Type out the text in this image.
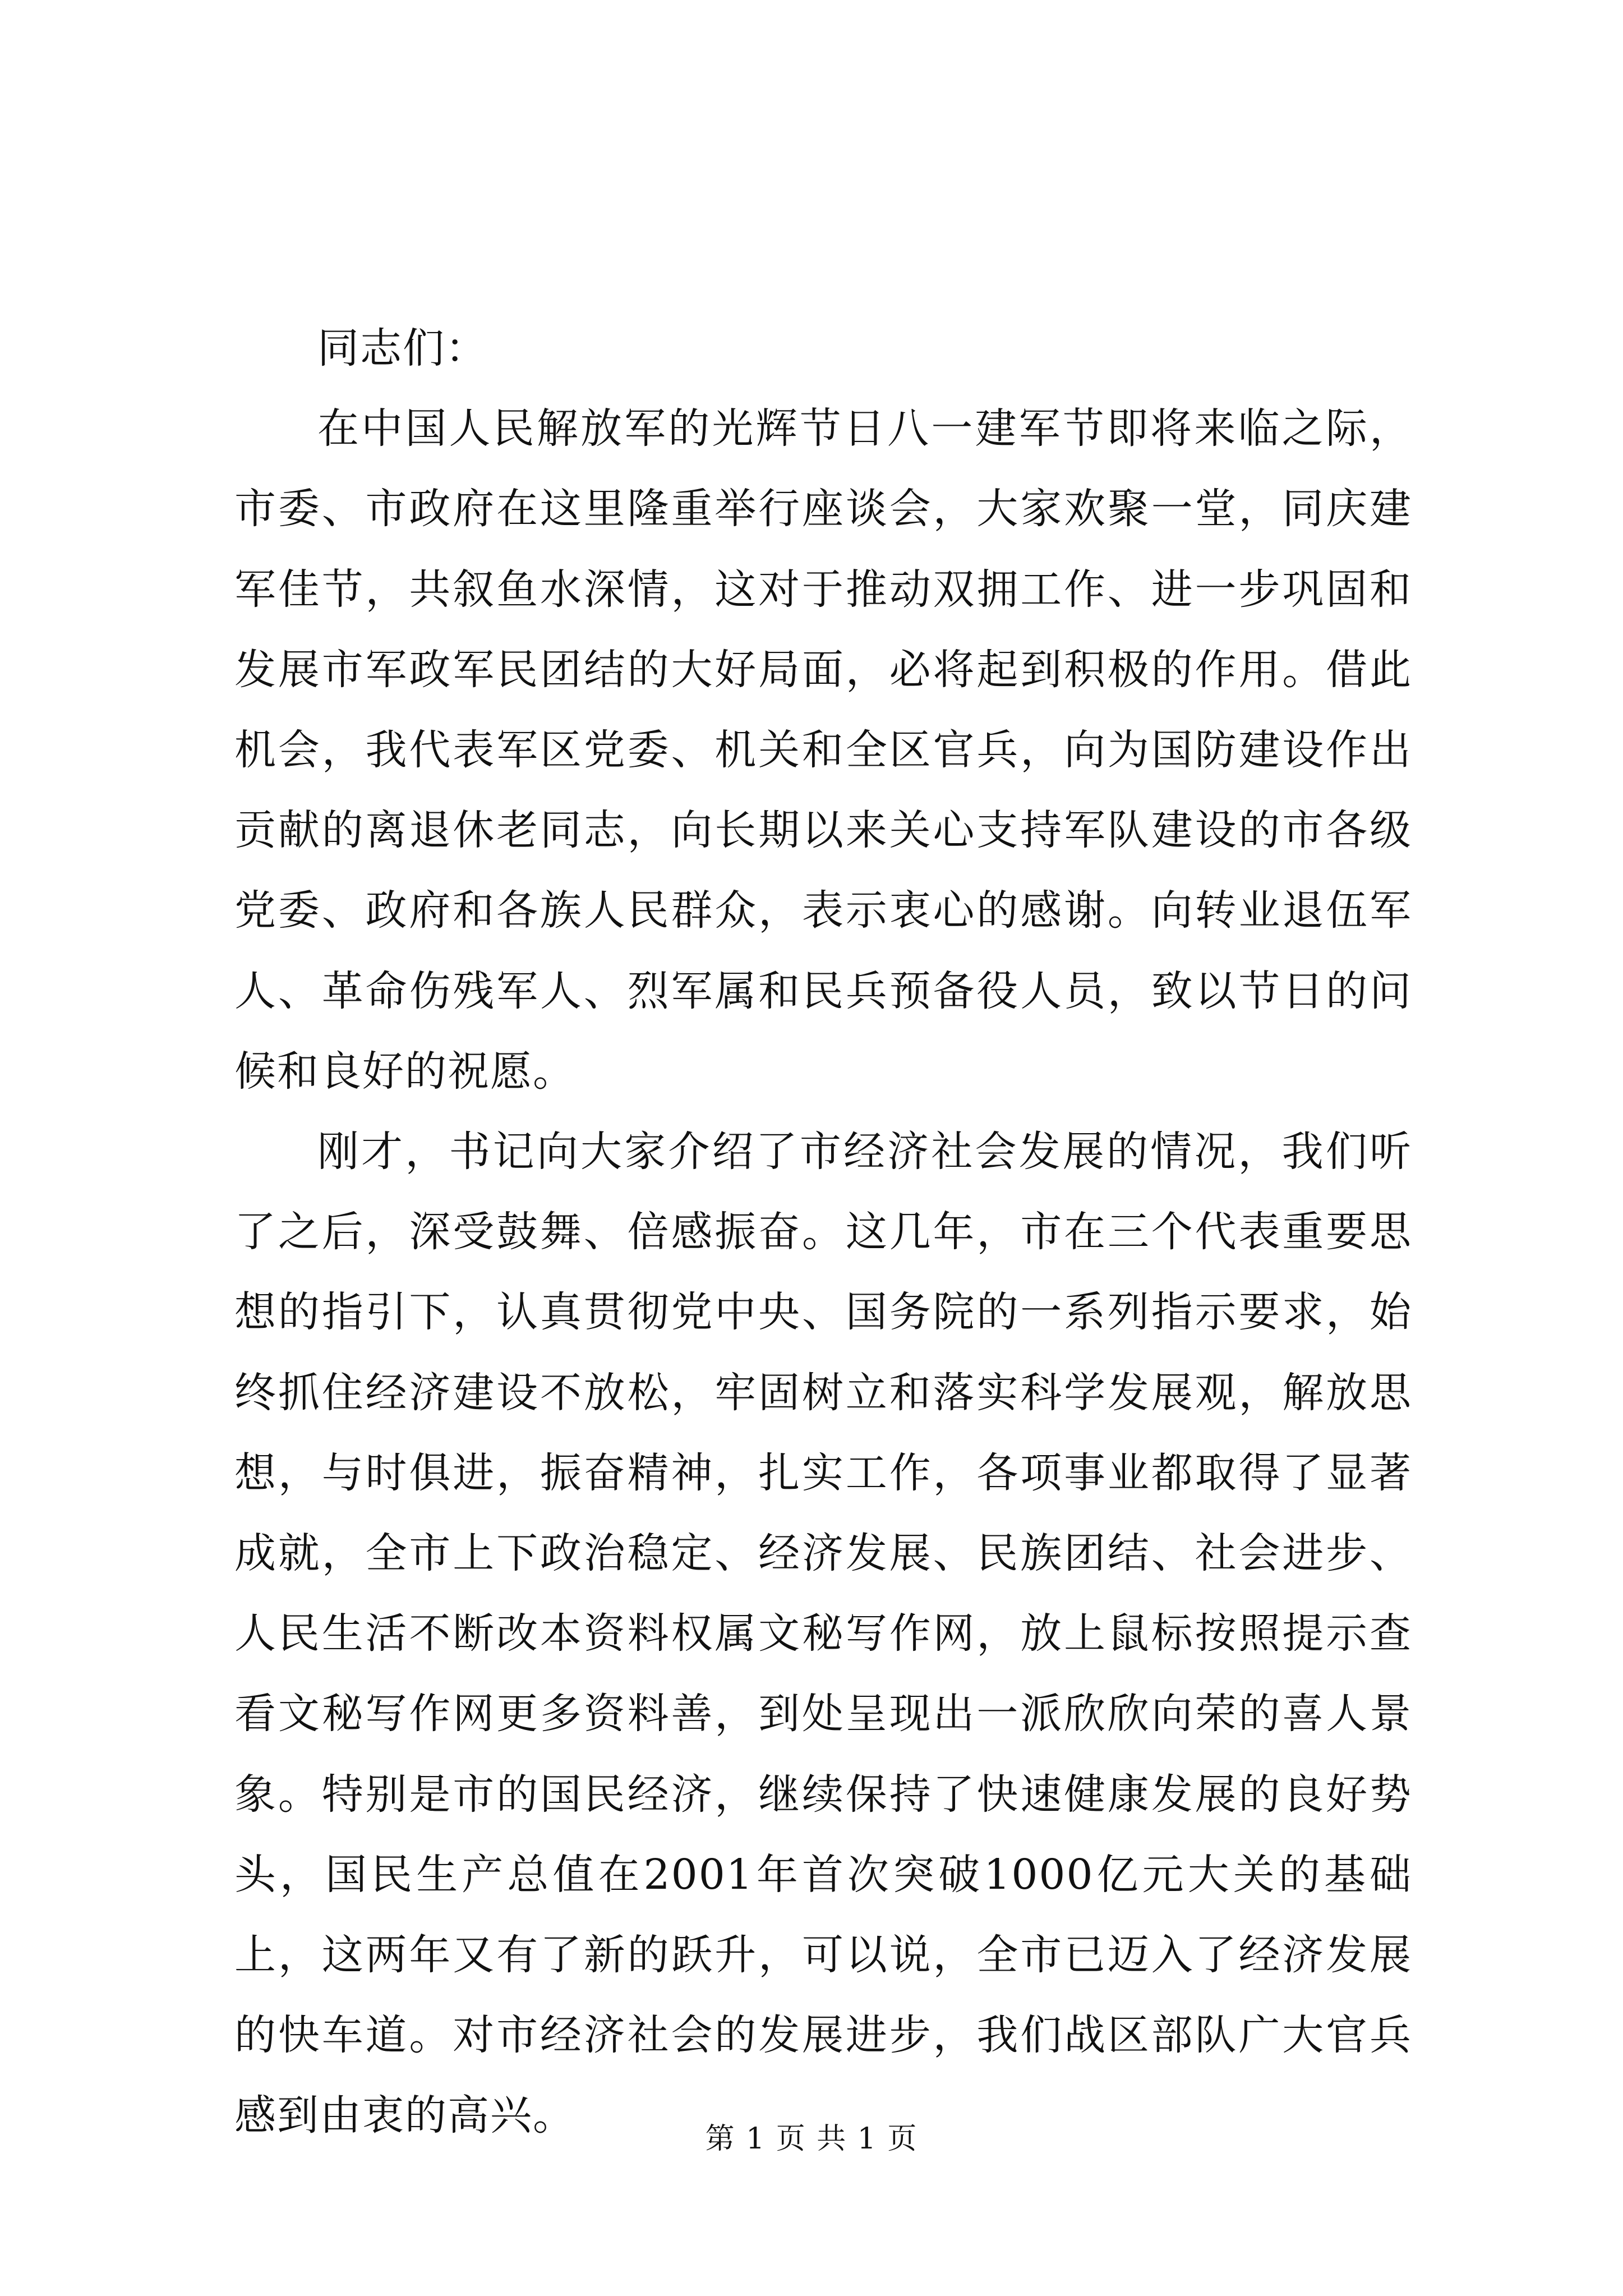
同志们：

在中国人民解放军的光辉节日八一建军节即将来临之际，市委、市政府在这里隆重举行座谈会，大家欢聚一堂，同庆建军佳节，共叙鱼水深情，这对于推动双拥工作、进一步巩固和发展市军政军民团结的大好局面，必将起到积极的作用。借此机会，我代表军区党委、机关和全区官兵，向为国防建设作出贡献的离退休老同志，向长期以来关心支持军队建设的市各级党委、政府和各族人民群众，表示衷心的感谢。向转业退伍军人、革命伤残军人、烈军属和民兵预备役人员，致以节日的问候和良好的祝愿。

刚才，书记向大家介绍了市经济社会发展的情况，我们听了之后，深受鼓舞、倍感振奋。这几年，市在三个代表重要思想的指引下，认真贯彻党中央、国务院的一系列指示要求，始终抓住经济建设不放松，牢固树立和落实科学发展观，解放思想，与时俱进，振奋精神，扎实工作，各项事业都取得了显著成就，全市上下政治稳定、经济发展、民族团结、社会进步、人民生活不断改本资料权属文秘写作网，放上鼠标按照提示查看文秘写作网更多资料善，到处呈现出一派欣欣向荣的喜人景象。特别是市的国民经济，继续保持了快速健康发展的良好势头，国民生产总值在2001年首次突破1000亿元大关的基础上，这两年又有了新的跃升，可以说，全市已迈入了经济发展的快车道。对市经济社会的发展进步，我们战区部队广大官兵感到由衷的高兴。	第 1 页 共 1 页
